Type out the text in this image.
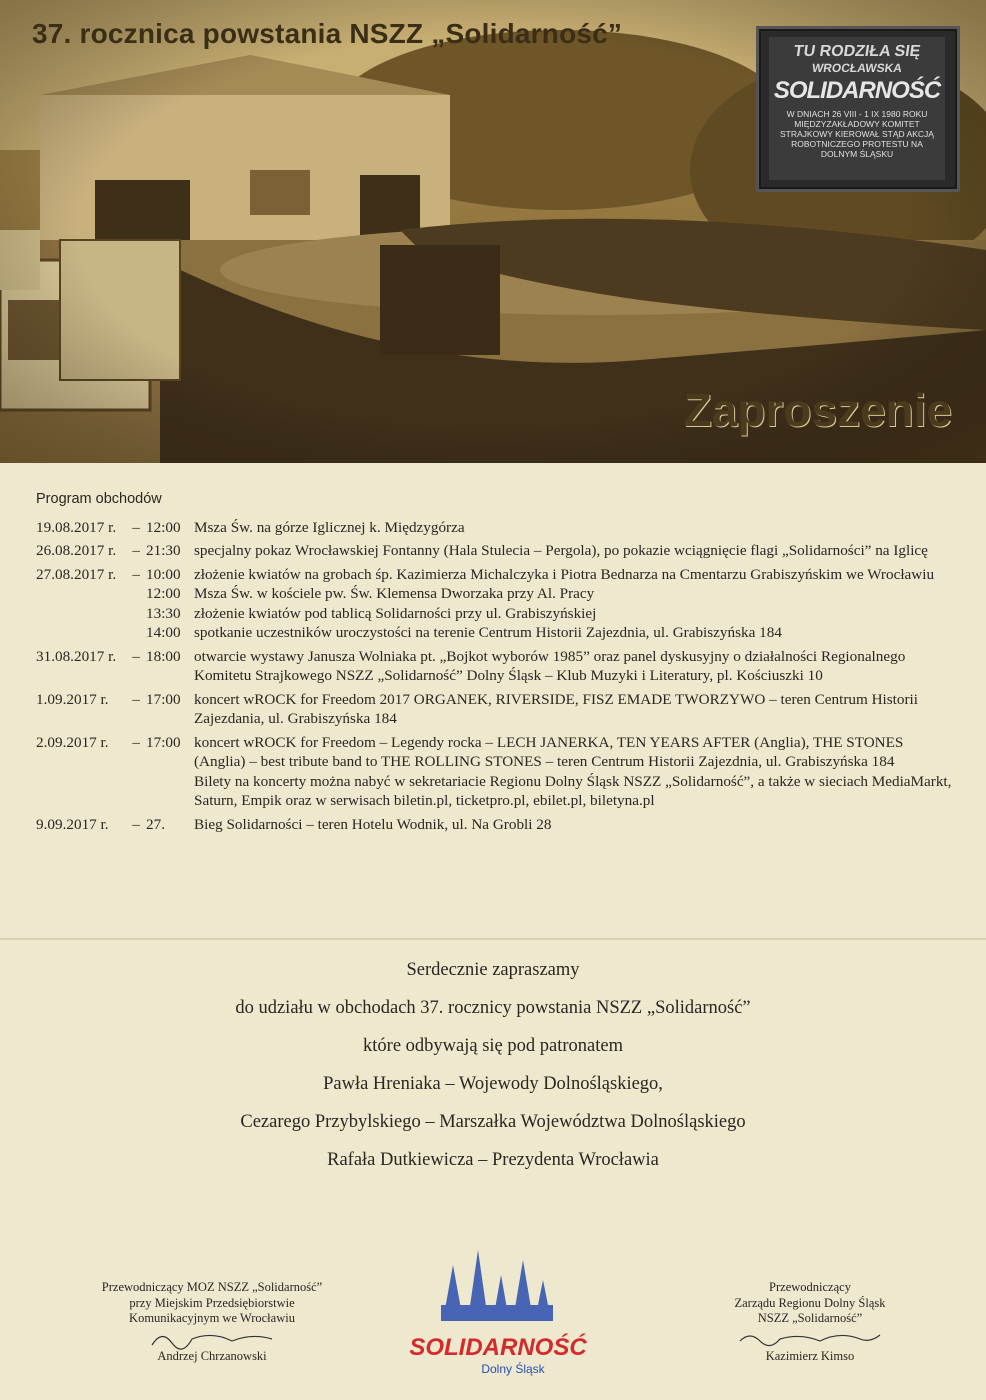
37. rocznica powstania NSZZ „Solidarność”
TU RODZIŁA SIĘ
WROCŁAWSKA
SOLIDARNOŚĆ
W DNIACH 26 VIII - 1 IX 1980 ROKU MIĘDZYZAKŁADOWY KOMITET STRAJKOWY KIEROWAŁ STĄD AKCJĄ ROBOTNICZEGO PROTESTU NA DOLNYM ŚLĄSKU
Zaproszenie
Program obchodów
19.08.2017 r.	– 12:00 Msza Św. na górze Iglicznej k. Międzygórza
26.08.2017 r.	– 21:30 specjalny pokaz Wrocławskiej Fontanny (Hala Stulecia – Pergola), po pokazie wciągnięcie flagi „Solidarności” na Iglicę
27.08.2017 r.	– 10:00 złożenie kwiatów na grobach śp. Kazimierza Michalczyka i Piotra Bednarza na Cmentarzu Grabiszyńskim we Wrocławiu
12:00 Msza Św. w kościele pw. Św. Klemensa Dworzaka przy Al. Pracy
13:30 złożenie kwiatów pod tablicą Solidarności przy ul. Grabiszyńskiej
14:00 spotkanie uczestników uroczystości na terenie Centrum Historii Zajezdnia, ul. Grabiszyńska 184
31.08.2017 r.	– 18:00 otwarcie wystawy Janusza Wolniaka pt. „Bojkot wyborów 1985” oraz panel dyskusyjny o działalności Regionalnego Komitetu Strajkowego NSZZ „Solidarność” Dolny Śląsk – Klub Muzyki i Literatury, pl. Kościuszki 10
1.09.2017 r.	– 17:00 koncert wROCK for Freedom 2017 ORGANEK, RIVERSIDE, FISZ EMADE TWORZYWO – teren Centrum Historii Zajezdania, ul. Grabiszyńska 184
2.09.2017 r.	– 17:00 koncert wROCK for Freedom – Legendy rocka – LECH JANERKA, TEN YEARS AFTER (Anglia), THE STONES (Anglia) – best tribute band to THE ROLLING STONES – teren Centrum Historii Zajezdnia, ul. Grabiszyńska 184
Bilety na koncerty można nabyć w sekretariacie Regionu Dolny Śląsk NSZZ „Solidarność”, a także w sieciach MediaMarkt, Saturn, Empik oraz w serwisach biletin.pl, ticketpro.pl, ebilet.pl, biletyna.pl
9.09.2017 r.	– 27.	Bieg Solidarności – teren Hotelu Wodnik, ul. Na Grobli 28
Serdecznie zapraszamy
do udziału w obchodach 37. rocznicy powstania NSZZ „Solidarność”
które odbywają się pod patronatem
Pawła Hreniaka – Wojewody Dolnośląskiego,
Cezarego Przybylskiego – Marszałka Województwa Dolnośląskiego
Rafała Dutkiewicza – Prezydenta Wrocławia
Przewodniczący MOZ NSZZ „Solidarność”
przy Miejskim Przedsiębiorstwie
Komunikacyjnym we Wrocławiu
Andrzej Chrzanowski	SOLIDARNOŚĆ
Dolny Śląsk
Przewodniczący
Zarządu Regionu Dolny Śląsk
NSZZ „Solidarność”
Kazimierz Kimso
